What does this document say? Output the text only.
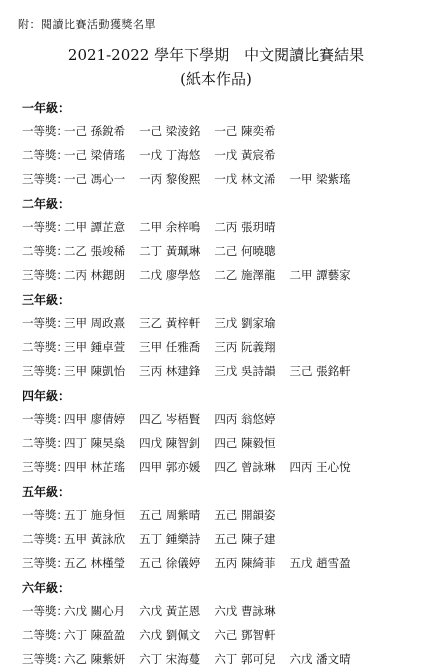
附：閱讀比賽活動獲獎名單
2021-2022 學年下學期　中文閱讀比賽結果
(紙本作品)
一年級：
一等獎：
一己 孫銳希 一己 梁淩銘 一己 陳奕希
二等獎：
一己 梁倩瑤 一戊 丁海悠 一戊 黃宸希
三等獎：
一己 馮心一 一丙 黎俊熙 一戊 林文浠 一甲 梁紫瑤
二年級：
一等獎：
二甲 譚芷意 二甲 余梓鳴 二丙 張玥晴
二等獎：
二乙 張竣稀 二丁 黃珮琳 二己 何曉聰
三等獎：
二丙 林鍶朗 二戊 廖學悠 二乙 施澤龍 二甲 譚藝家
三年級：
一等獎：
三甲 周政熹 三乙 黃梓軒 三戊 劉家瑜
二等獎：
三甲 鍾卓萱 三甲 任雅喬 三丙 阮義翔
三等獎：
三甲 陳凱怡 三丙 林建鋒 三戊 吳詩韻 三己 張銘軒
四年級：
一等獎：
四甲 廖倩婷 四乙 岑梧賢 四丙 翁悠婷
二等獎：
四丁 陳昊燊 四戊 陳智釗 四己 陳毅恒
三等獎：
四甲 林芷瑤 四甲 郭亦媛 四乙 曾詠琳 四丙 王心悅
五年級：
一等獎：
五丁 施身恒 五己 周紫晴 五己 開韻姿
二等獎：
五甲 黃詠欣 五丁 鍾樂詩 五己 陳子建
三等獎：
五乙 林槿瑩 五己 徐儀婷 五丙 陳綺菲 五戊 趙雪盈
六年級：
一等獎：
六戊 關心月 六戊 黃芷恩 六戊 曹詠琳
二等獎：
六丁 陳盈盈 六戊 劉佩文 六己 鄧智軒
三等獎：
六乙 陳紫妍 六丁 宋海蔓 六丁 郭可兒 六戊 潘文晴
